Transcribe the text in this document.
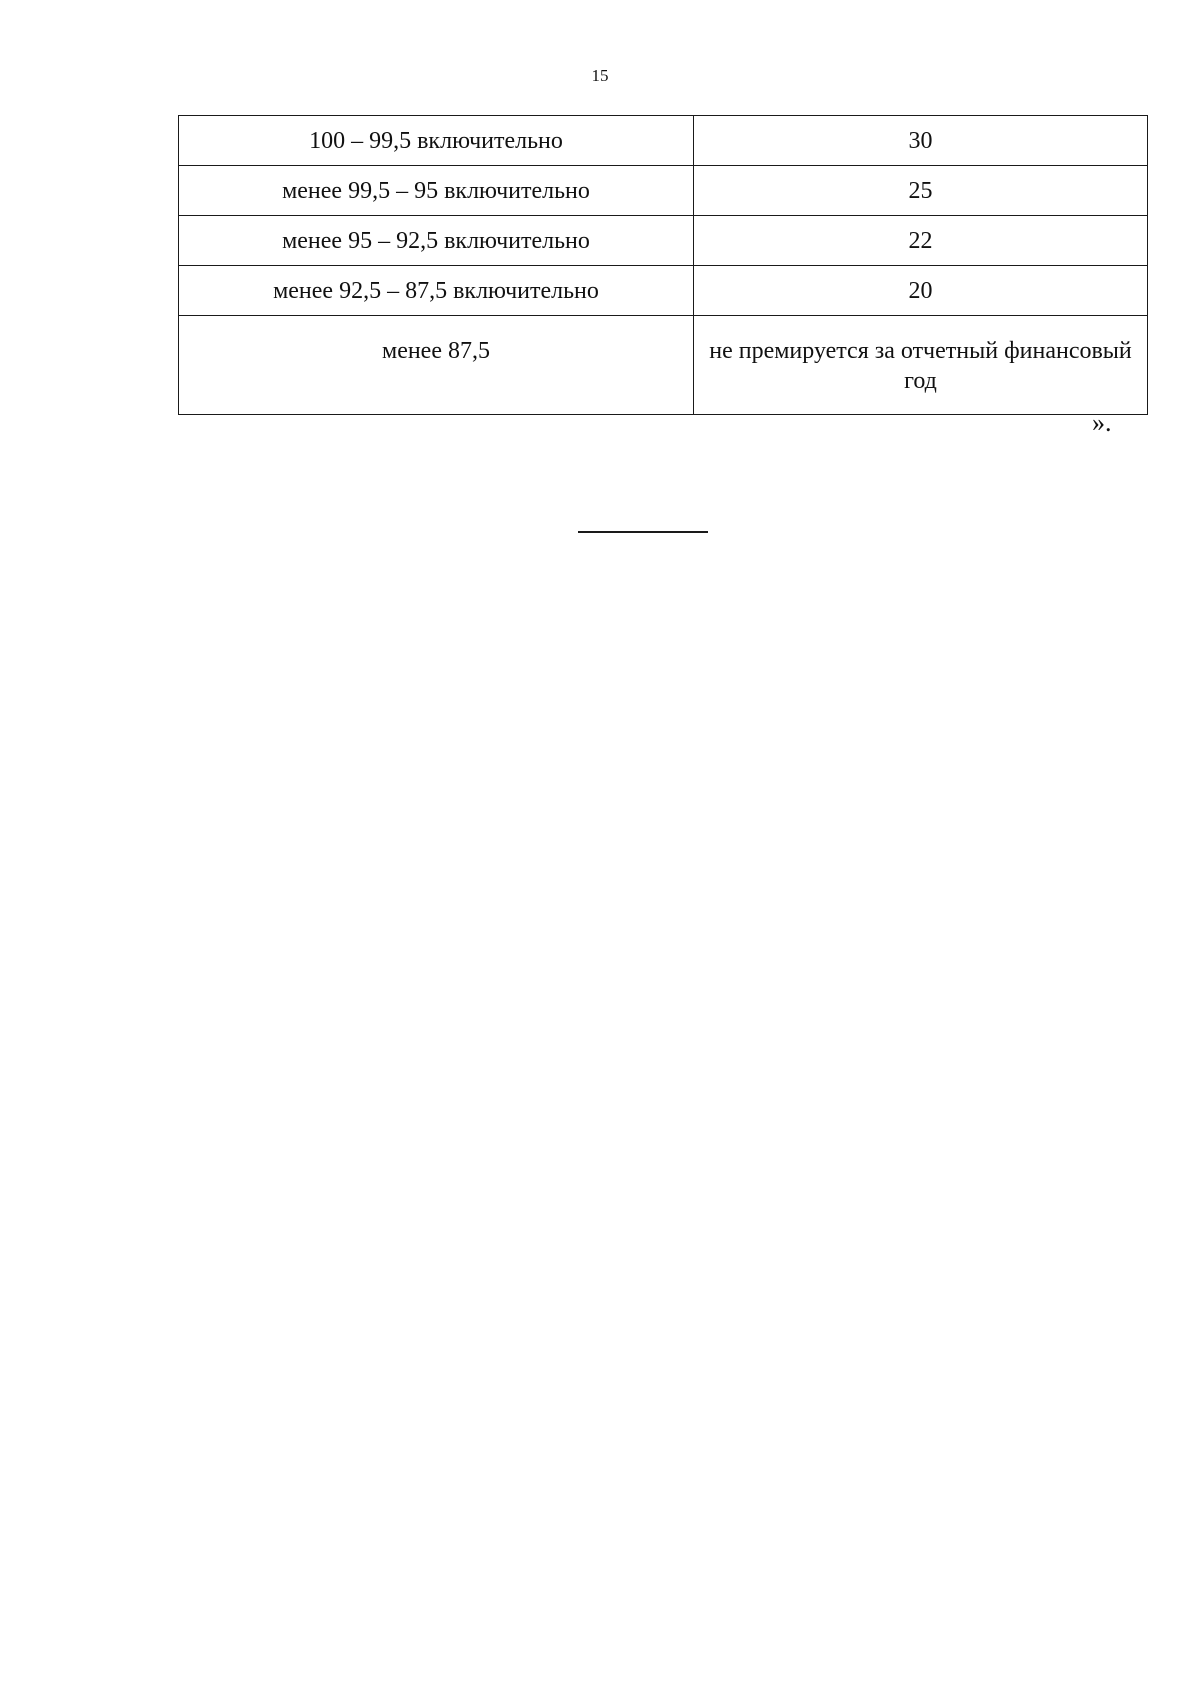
15
100 – 99,5 включительно	30
менее 99,5 – 95 включительно	25
менее 95 – 92,5 включительно	22
менее 92,5 – 87,5 включительно	20
менее 87,5	не премируется за отчетный финансовый год
».
